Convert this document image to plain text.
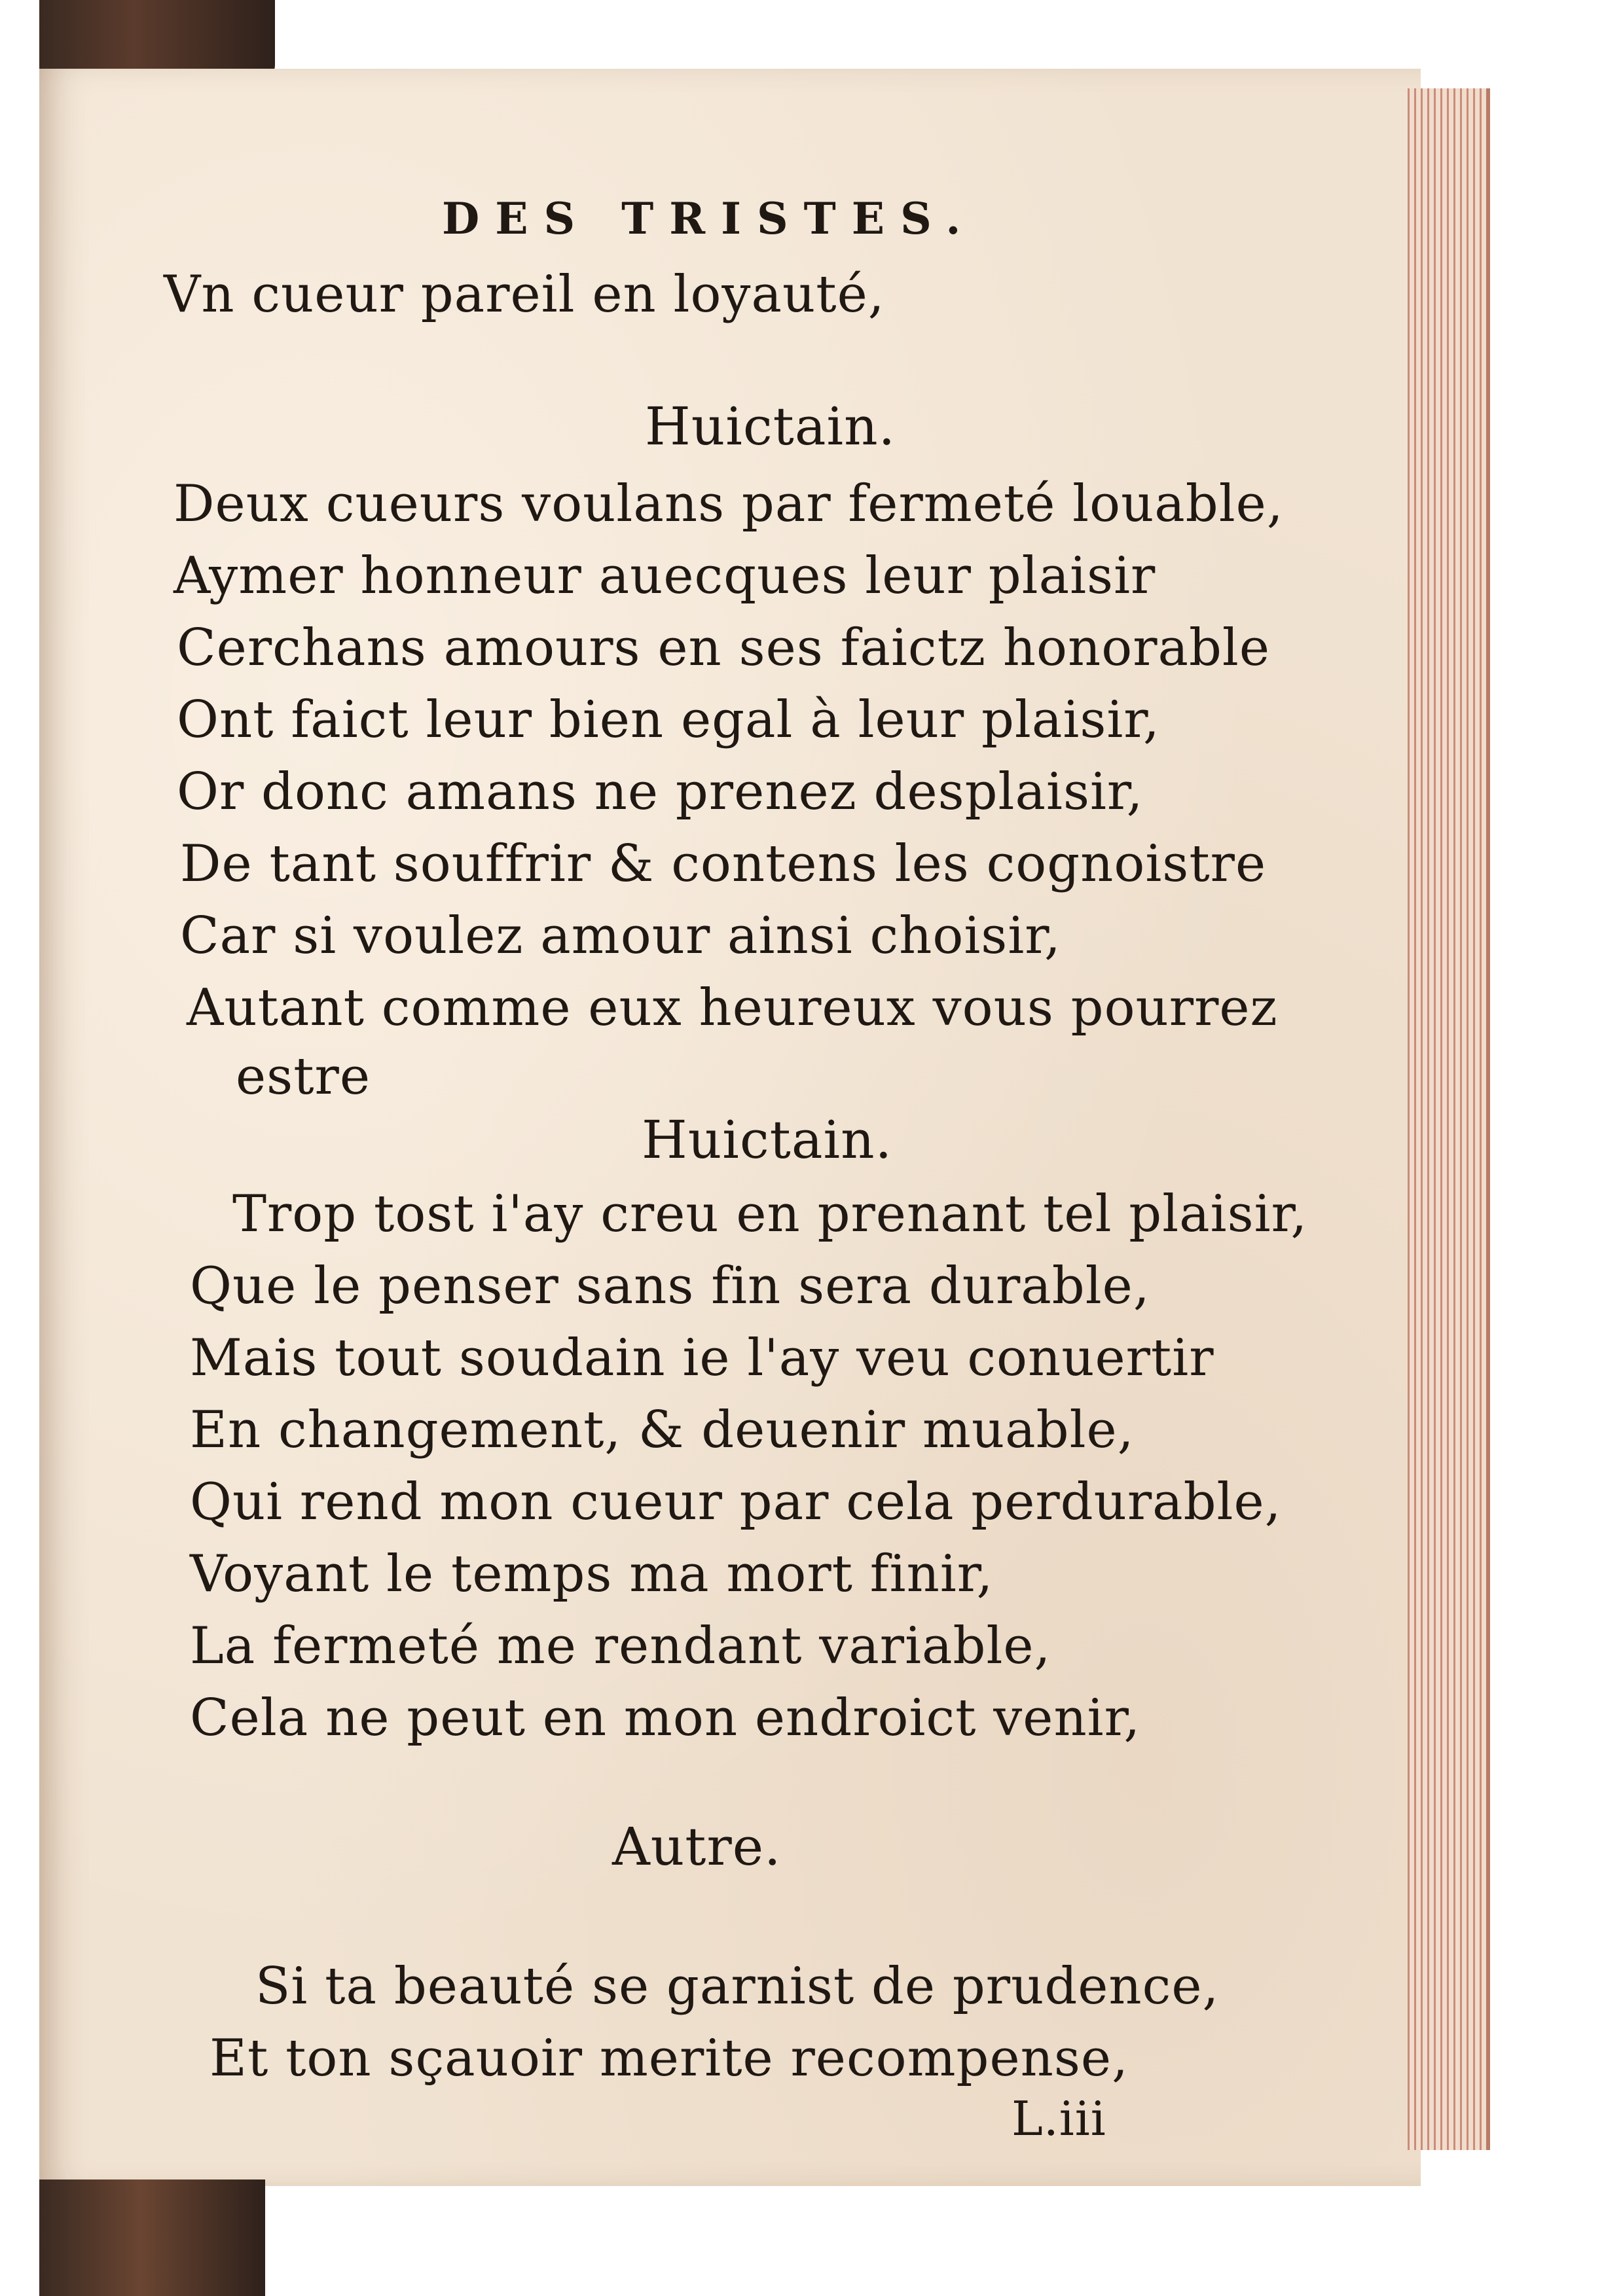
DES TRISTES.
Vn cueur pareil en loyauté,
Huictain.
Deux cueurs voulans par fermeté louable,
Aymer honneur auecques leur plaisir
Cerchans amours en ses faictz honorable
Ont faict leur bien egal à leur plaisir,
Or donc amans ne prenez desplaisir,
De tant souffrir & contens les cognoistre
Car si voulez amour ainsi choisir,
Autant comme eux heureux vous pourrez
estre
Huictain.
Trop tost i'ay creu en prenant tel plaisir,
Que le penser sans fin sera durable,
Mais tout soudain ie l'ay veu conuertir
En changement, & deuenir muable,
Qui rend mon cueur par cela perdurable,
Voyant le temps ma mort finir,
La fermeté me rendant variable,
Cela ne peut en mon endroict venir,
Autre.
Si ta beauté se garnist de prudence,
Et ton sçauoir merite recompense,
L.iii
